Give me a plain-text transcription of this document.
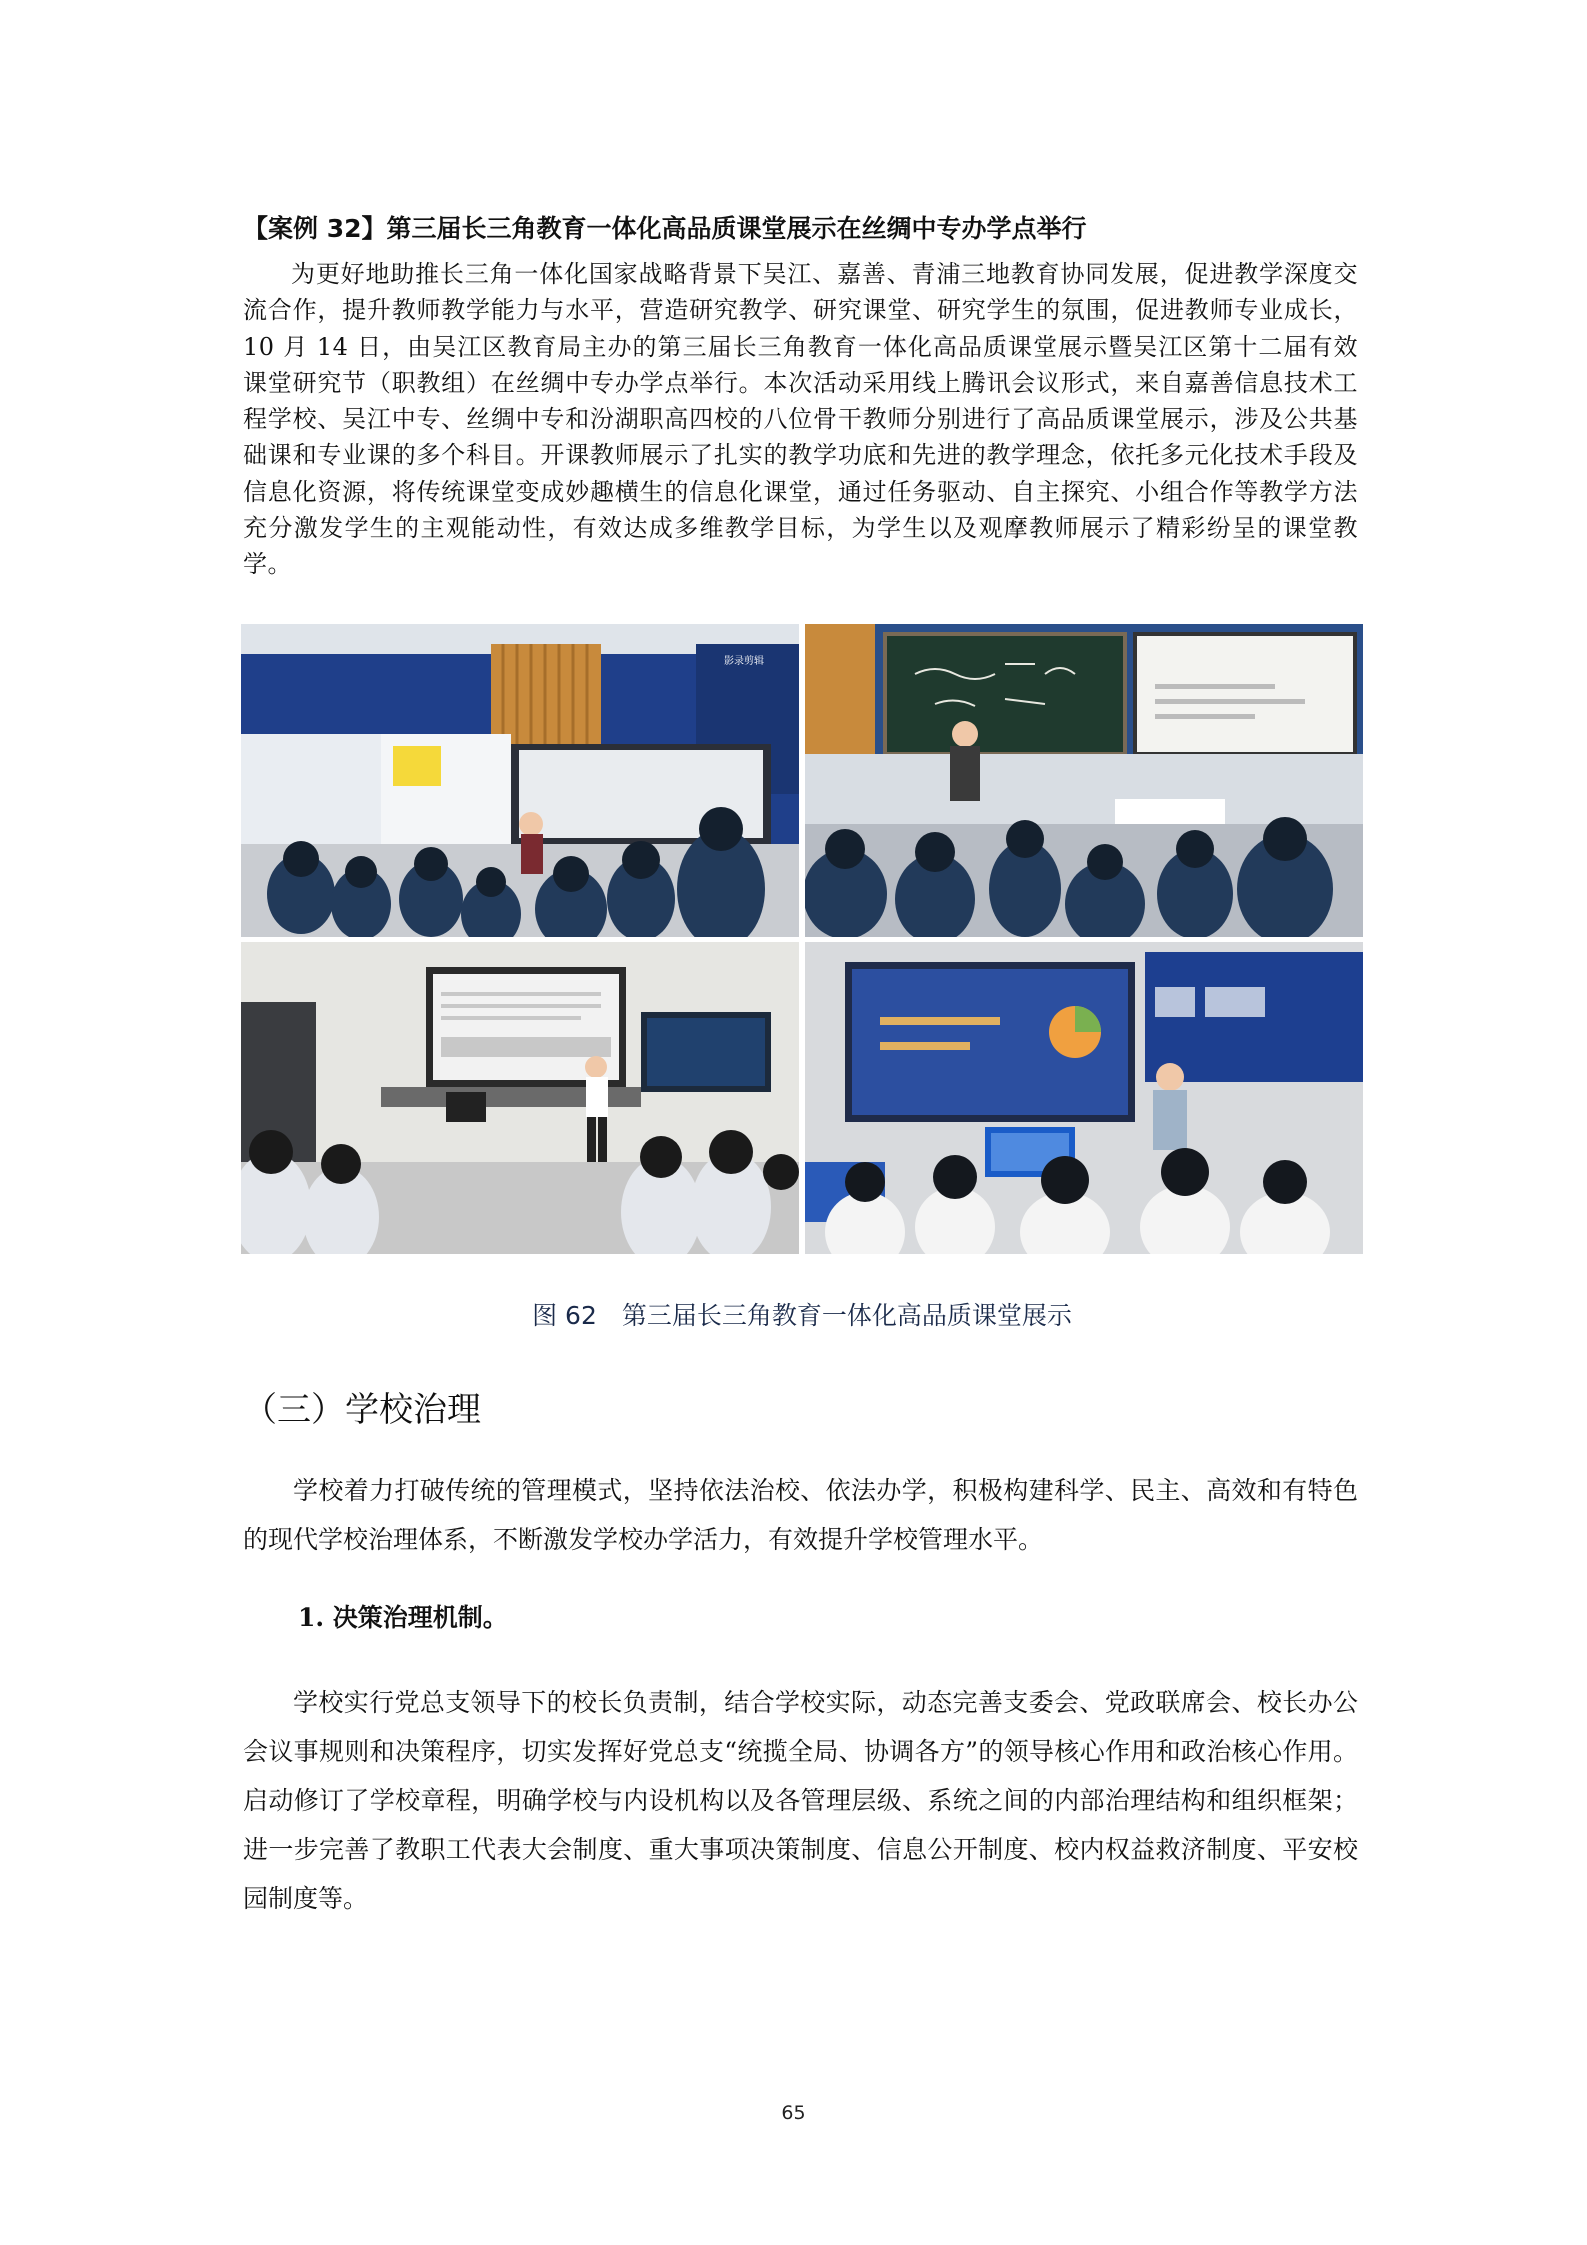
【案例 32】第三届长三角教育一体化高品质课堂展示在丝绸中专办学点举行
为更好地助推长三角一体化国家战略背景下吴江、嘉善、青浦三地教育协同发展，促进教学深度交流合作，提升教师教学能力与水平，营造研究教学、研究课堂、研究学生的氛围，促进教师专业成长，10 月 14 日，由吴江区教育局主办的第三届长三角教育一体化高品质课堂展示暨吴江区第十二届有效课堂研究节（职教组）在丝绸中专办学点举行。本次活动采用线上腾讯会议形式，来自嘉善信息技术工程学校、吴江中专、丝绸中专和汾湖职高四校的八位骨干教师分别进行了高品质课堂展示，涉及公共基础课和专业课的多个科目。开课教师展示了扎实的教学功底和先进的教学理念，依托多元化技术手段及信息化资源，将传统课堂变成妙趣横生的信息化课堂，通过任务驱动、自主探究、小组合作等教学方法充分激发学生的主观能动性，有效达成多维教学目标，为学生以及观摩教师展示了精彩纷呈的课堂教学。
影录剪辑
图 62　第三届长三角教育一体化高品质课堂展示
（三）学校治理
学校着力打破传统的管理模式，坚持依法治校、依法办学，积极构建科学、民主、高效和有特色的现代学校治理体系，不断激发学校办学活力，有效提升学校管理水平。
1. 决策治理机制。
学校实行党总支领导下的校长负责制，结合学校实际，动态完善支委会、党政联席会、校长办公会议事规则和决策程序，切实发挥好党总支“统揽全局、协调各方”的领导核心作用和政治核心作用。启动修订了学校章程，明确学校与内设机构以及各管理层级、系统之间的内部治理结构和组织框架；进一步完善了教职工代表大会制度、重大事项决策制度、信息公开制度、校内权益救济制度、平安校园制度等。
65
